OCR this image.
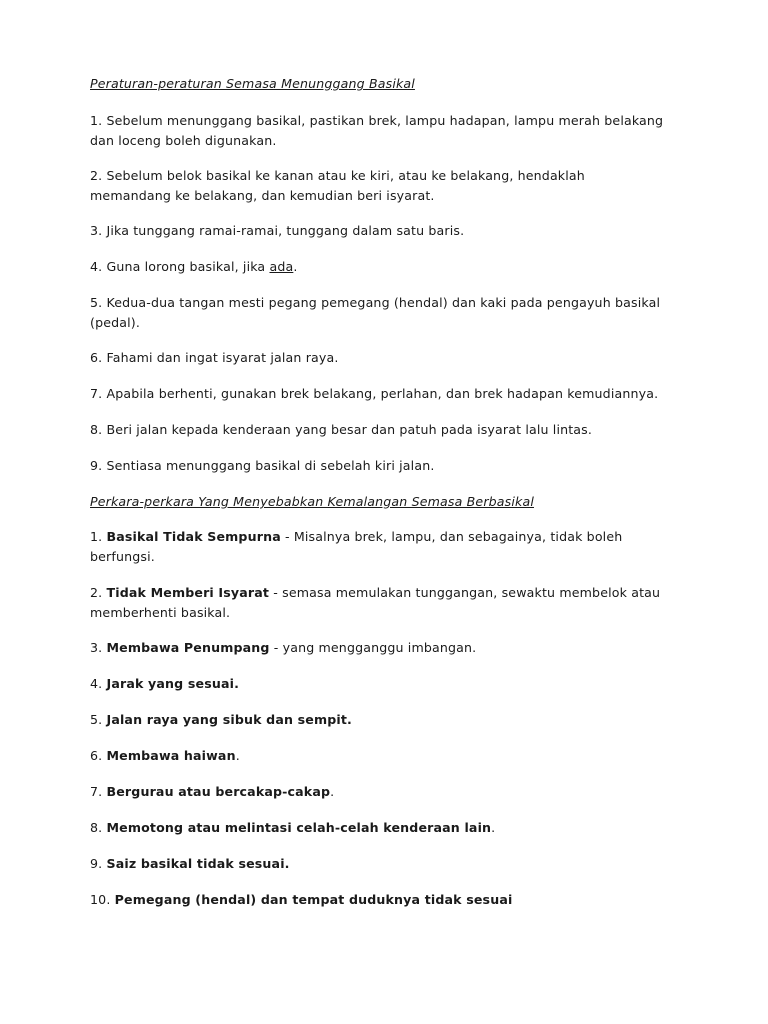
Peraturan-peraturan Semasa Menunggang Basikal

1. Sebelum menunggang basikal, pastikan brek, lampu hadapan, lampu merah belakang dan loceng boleh digunakan.

2. Sebelum belok basikal ke kanan atau ke kiri, atau ke belakang, hendaklah memandang ke belakang, dan kemudian beri isyarat.

3. Jika tunggang ramai-ramai, tunggang dalam satu baris.

4. Guna lorong basikal, jika ada.

5. Kedua-dua tangan mesti pegang pemegang (hendal) dan kaki pada pengayuh basikal (pedal).

6. Fahami dan ingat isyarat jalan raya.

7. Apabila berhenti, gunakan brek belakang, perlahan, dan brek hadapan kemudiannya.

8. Beri jalan kepada kenderaan yang besar dan patuh pada isyarat lalu lintas.

9. Sentiasa menunggang basikal di sebelah kiri jalan.

Perkara-perkara Yang Menyebabkan Kemalangan Semasa Berbasikal

1. Basikal Tidak Sempurna - Misalnya brek, lampu, dan sebagainya, tidak boleh berfungsi.

2. Tidak Memberi Isyarat - semasa memulakan tunggangan, sewaktu membelok atau memberhenti basikal.

3. Membawa Penumpang - yang mengganggu imbangan.

4. Jarak yang sesuai.

5. Jalan raya yang sibuk dan sempit.

6. Membawa haiwan.

7. Bergurau atau bercakap-cakap.

8. Memotong atau melintasi celah-celah kenderaan lain.

9. Saiz basikal tidak sesuai.

10. Pemegang (hendal) dan tempat duduknya tidak sesuai
